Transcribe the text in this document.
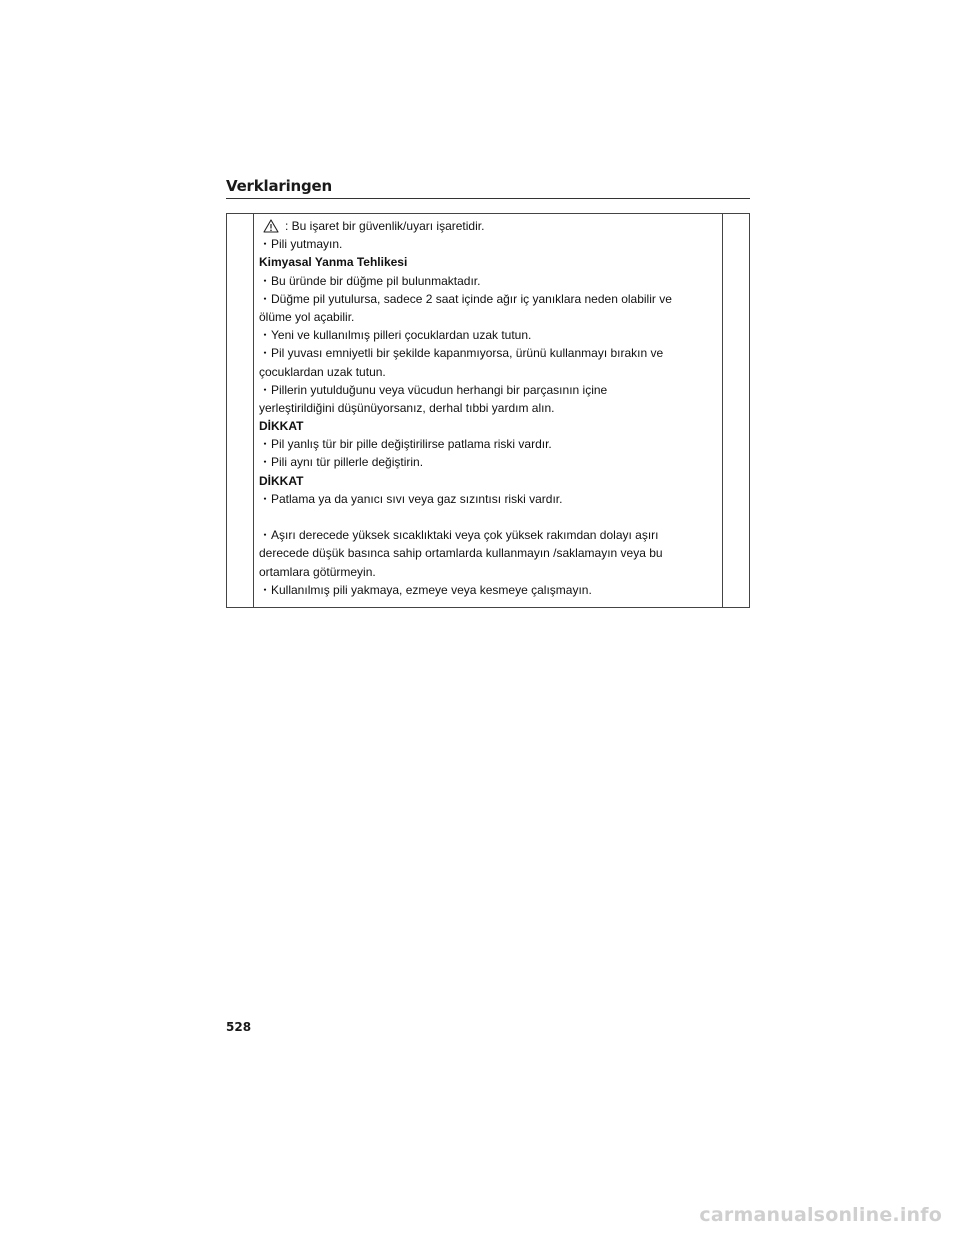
Verklaringen
: Bu işaret bir güvenlik/uyarı işaretidir.
・Pili yutmayın.
Kimyasal Yanma Tehlikesi
・Bu üründe bir düğme pil bulunmaktadır.
・Düğme pil yutulursa, sadece 2 saat içinde ağır iç yanıklara neden olabilir ve
ölüme yol açabilir.
・Yeni ve kullanılmış pilleri çocuklardan uzak tutun.
・Pil yuvası emniyetli bir şekilde kapanmıyorsa, ürünü kullanmayı bırakın ve
çocuklardan uzak tutun.
・Pillerin yutulduğunu veya vücudun herhangi bir parçasının içine
yerleştirildiğini düşünüyorsanız, derhal tıbbi yardım alın.
DİKKAT
・Pil yanlış tür bir pille değiştirilirse patlama riski vardır.
・Pili aynı tür pillerle değiştirin.
DİKKAT
・Patlama ya da yanıcı sıvı veya gaz sızıntısı riski vardır.
・Aşırı derecede yüksek sıcaklıktaki veya çok yüksek rakımdan dolayı aşırı
derecede düşük basınca sahip ortamlarda kullanmayın /saklamayın veya bu
ortamlara götürmeyin.
・Kullanılmış pili yakmaya, ezmeye veya kesmeye çalışmayın.
528
carmanualsonline.info
